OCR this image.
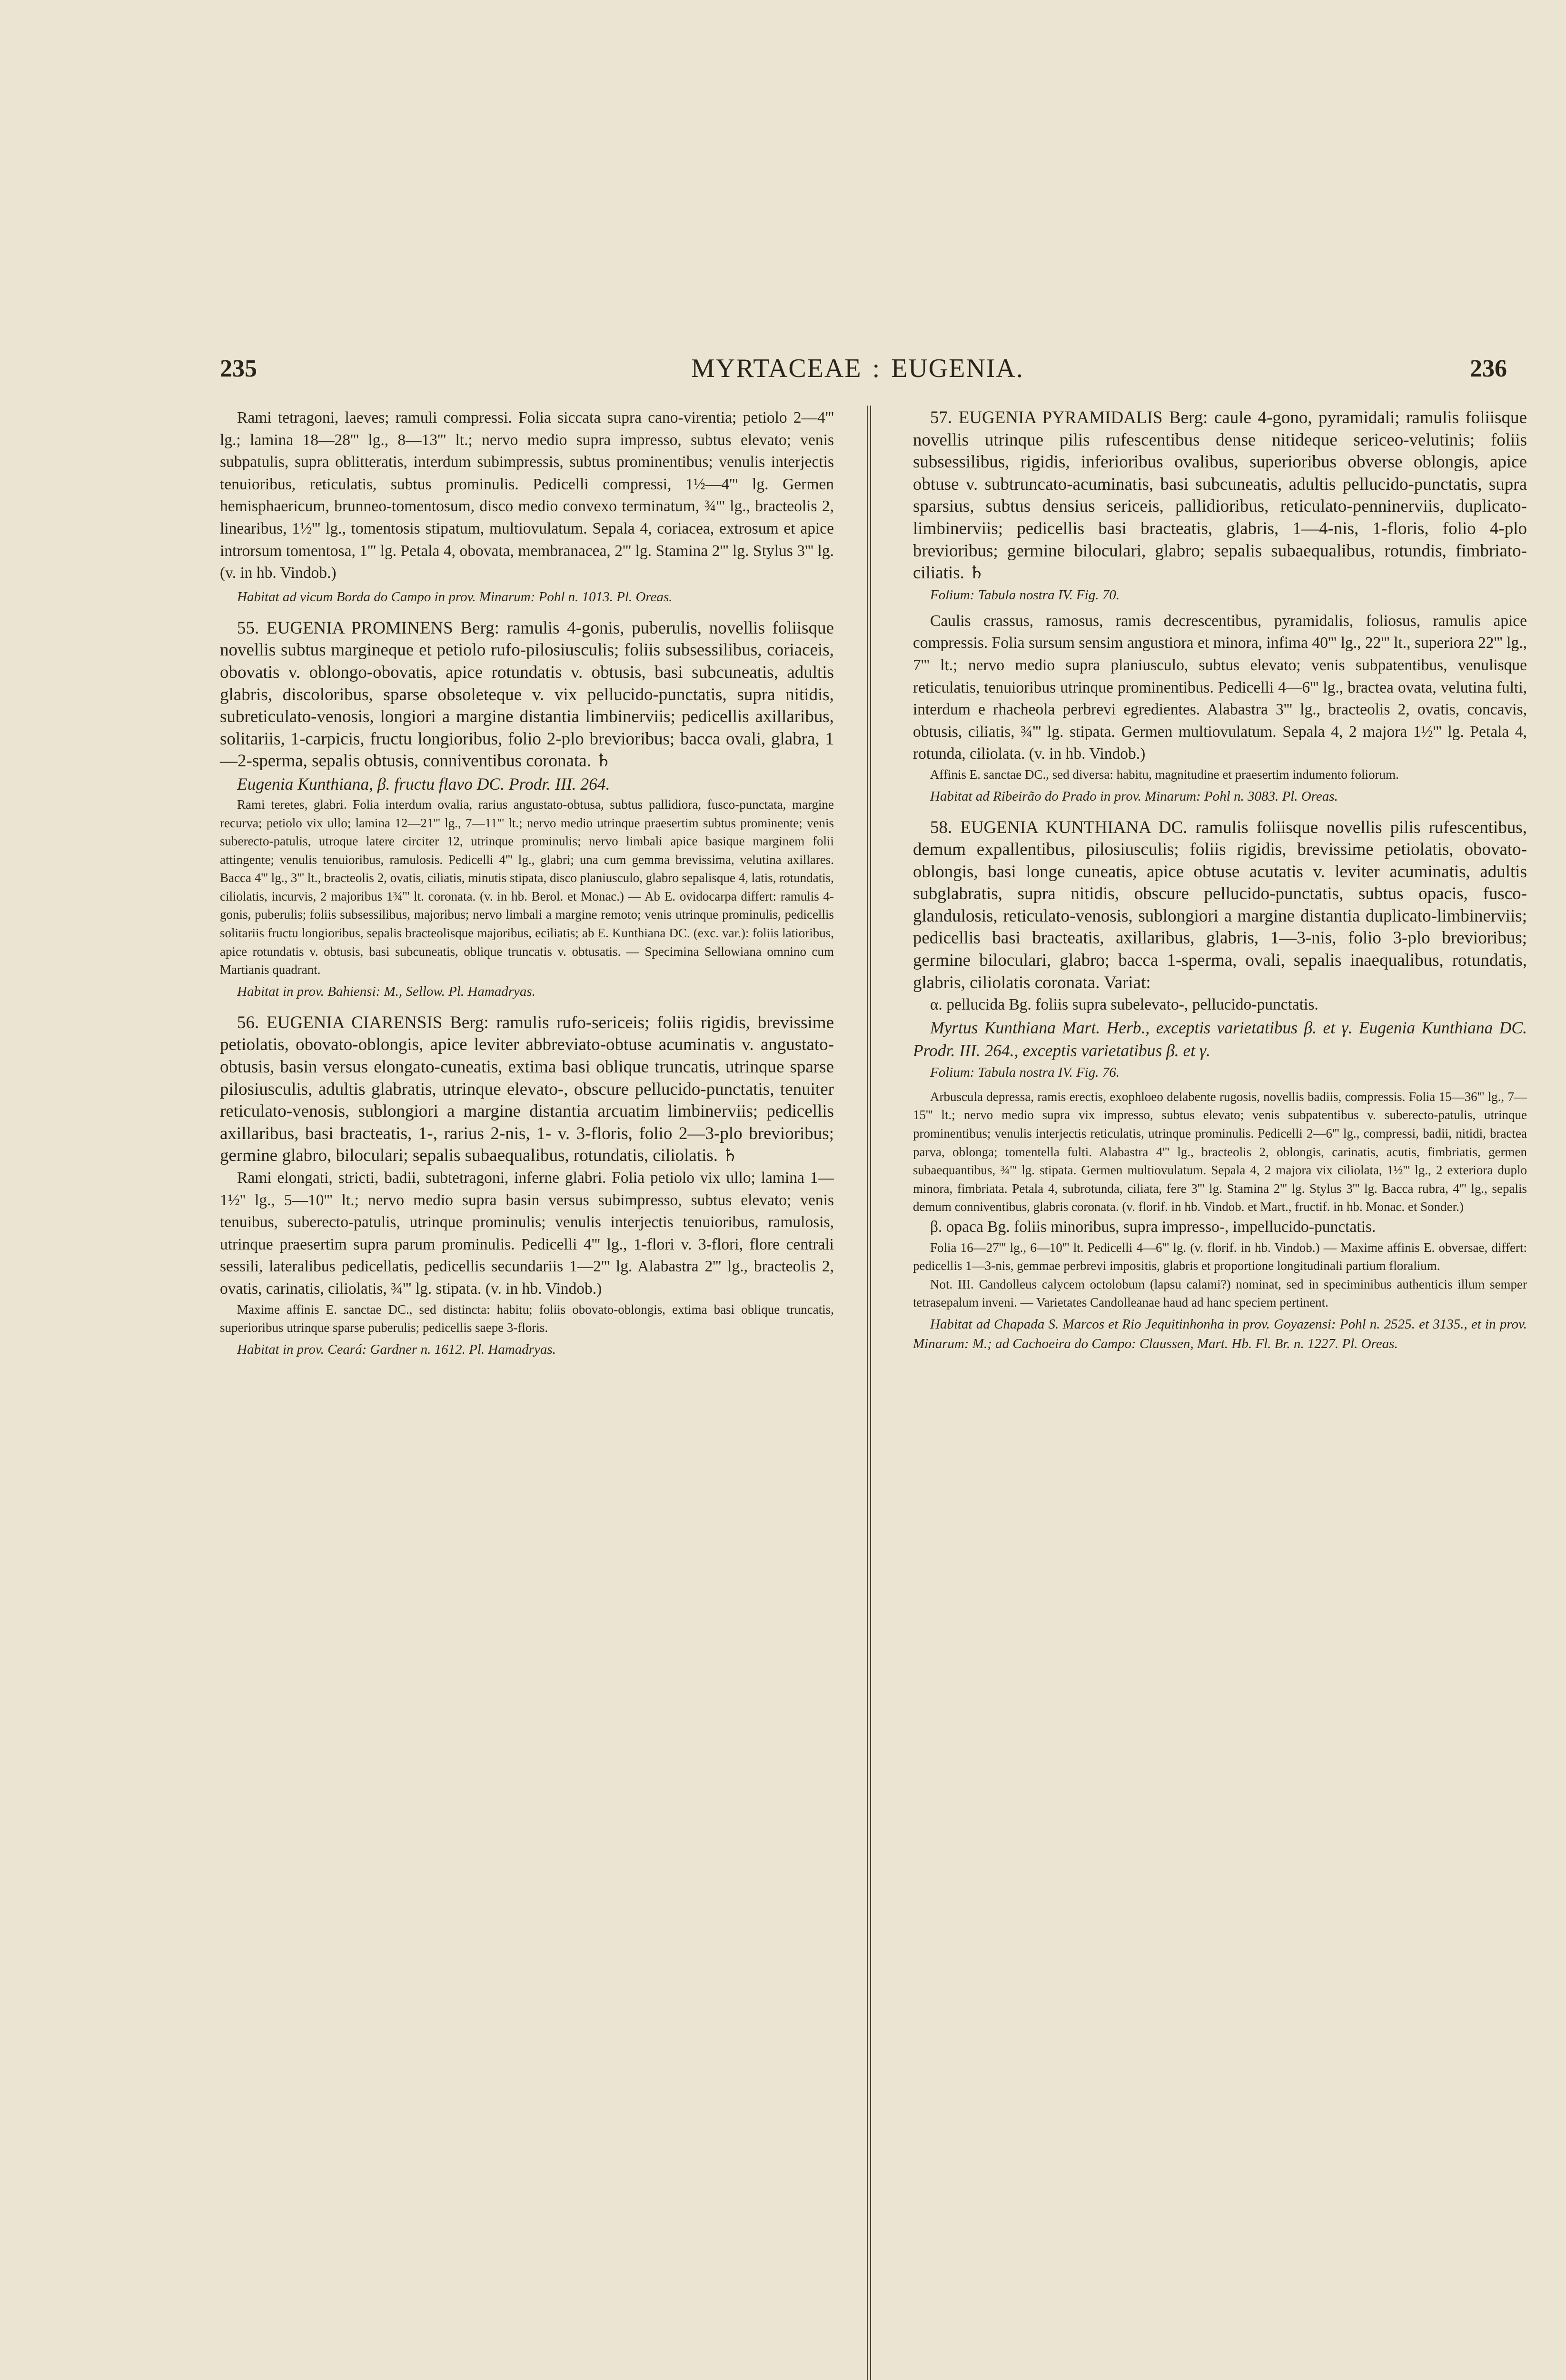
235	MYRTACEAE : EUGENIA.	236

Rami tetragoni, laeves; ramuli compressi. Folia siccata supra cano-virentia; petiolo 2—4''' lg.; lamina 18—28''' lg., 8—13''' lt.; nervo medio supra impresso, subtus elevato; venis subpatulis, supra oblitteratis, interdum subimpressis, subtus prominentibus; venulis interjectis tenuioribus, reticulatis, subtus prominulis. Pedicelli compressi, 1½—4''' lg. Germen hemisphaericum, brunneo-tomentosum, disco medio convexo terminatum, ¾''' lg., bracteolis 2, linearibus, 1½''' lg., tomentosis stipatum, multiovulatum. Sepala 4, coriacea, extrosum et apice introrsum tomentosa, 1''' lg. Petala 4, obovata, membranacea, 2''' lg. Stamina 2''' lg. Stylus 3''' lg. (v. in hb. Vindob.)

Habitat ad vicum Borda do Campo in prov. Minarum: Pohl n. 1013. Pl. Oreas.

55. EUGENIA PROMINENS Berg: ramulis 4-gonis, puberulis, novellis foliisque novellis subtus margineque et petiolo rufo-pilosiusculis; foliis subsessilibus, coriaceis, obovatis v. oblongo-obovatis, apice rotundatis v. obtusis, basi subcuneatis, adultis glabris, discoloribus, sparse obsoleteque v. vix pellucido-punctatis, supra nitidis, subreticulato-venosis, longiori a margine distantia limbinerviis; pedicellis axillaribus, solitariis, 1-carpicis, fructu longioribus, folio 2-plo brevioribus; bacca ovali, glabra, 1—2-sperma, sepalis obtusis, conniventibus coronata. ♄

Eugenia Kunthiana, β. fructu flavo DC. Prodr. III. 264.

Rami teretes, glabri. Folia interdum ovalia, rarius angustato-obtusa, subtus pallidiora, fusco-punctata, margine recurva; petiolo vix ullo; lamina 12—21''' lg., 7—11''' lt.; nervo medio utrinque praesertim subtus prominente; venis suberecto-patulis, utroque latere circiter 12, utrinque prominulis; nervo limbali apice basique marginem folii attingente; venulis tenuioribus, ramulosis. Pedicelli 4''' lg., glabri; una cum gemma brevissima, velutina axillares. Bacca 4''' lg., 3''' lt., bracteolis 2, ovatis, ciliatis, minutis stipata, disco planiusculo, glabro sepalisque 4, latis, rotundatis, ciliolatis, incurvis, 2 majoribus 1¾''' lt. coronata. (v. in hb. Berol. et Monac.) — Ab E. ovidocarpa differt: ramulis 4-gonis, puberulis; foliis subsessilibus, majoribus; nervo limbali a margine remoto; venis utrinque prominulis, pedicellis solitariis fructu longioribus, sepalis bracteolisque majoribus, eciliatis; ab E. Kunthiana DC. (exc. var.): foliis latioribus, apice rotundatis v. obtusis, basi subcuneatis, oblique truncatis v. obtusatis. — Specimina Sellowiana omnino cum Martianis quadrant.

Habitat in prov. Bahiensi: M., Sellow. Pl. Hamadryas.

56. EUGENIA CIARENSIS Berg: ramulis rufo-sericeis; foliis rigidis, brevissime petiolatis, obovato-oblongis, apice leviter abbreviato-obtuse acuminatis v. angustato-obtusis, basin versus elongato-cuneatis, extima basi oblique truncatis, utrinque sparse pilosiusculis, adultis glabratis, utrinque elevato-, obscure pellucido-punctatis, tenuiter reticulato-venosis, sublongiori a margine distantia arcuatim limbinerviis; pedicellis axillaribus, basi bracteatis, 1-, rarius 2-nis, 1- v. 3-floris, folio 2—3-plo brevioribus; germine glabro, biloculari; sepalis subaequalibus, rotundatis, ciliolatis. ♄

Rami elongati, stricti, badii, subtetragoni, inferne glabri. Folia petiolo vix ullo; lamina 1—1½'' lg., 5—10''' lt.; nervo medio supra basin versus subimpresso, subtus elevato; venis tenuibus, suberecto-patulis, utrinque prominulis; venulis interjectis tenuioribus, ramulosis, utrinque praesertim supra parum prominulis. Pedicelli 4''' lg., 1-flori v. 3-flori, flore centrali sessili, lateralibus pedicellatis, pedicellis secundariis 1—2''' lg. Alabastra 2''' lg., bracteolis 2, ovatis, carinatis, ciliolatis, ¾''' lg. stipata. (v. in hb. Vindob.)

Maxime affinis E. sanctae DC., sed distincta: habitu; foliis obovato-oblongis, extima basi oblique truncatis, superioribus utrinque sparse puberulis; pedicellis saepe 3-floris.

Habitat in prov. Ceará: Gardner n. 1612. Pl. Hamadryas.

57. EUGENIA PYRAMIDALIS Berg: caule 4-gono, pyramidali; ramulis foliisque novellis utrinque pilis rufescentibus dense nitideque sericeo-velutinis; foliis subsessilibus, rigidis, inferioribus ovalibus, superioribus obverse oblongis, apice obtuse v. subtruncato-acuminatis, basi subcuneatis, adultis pellucido-punctatis, supra sparsius, subtus densius sericeis, pallidioribus, reticulato-penninerviis, duplicato-limbinerviis; pedicellis basi bracteatis, glabris, 1—4-nis, 1-floris, folio 4-plo brevioribus; germine biloculari, glabro; sepalis subaequalibus, rotundis, fimbriato-ciliatis. ♄

Folium: Tabula nostra IV. Fig. 70.

Caulis crassus, ramosus, ramis decrescentibus, pyramidalis, foliosus, ramulis apice compressis. Folia sursum sensim angustiora et minora, infima 40''' lg., 22''' lt., superiora 22''' lg., 7''' lt.; nervo medio supra planiusculo, subtus elevato; venis subpatentibus, venulisque reticulatis, tenuioribus utrinque prominentibus. Pedicelli 4—6''' lg., bractea ovata, velutina fulti, interdum e rhacheola perbrevi egredientes. Alabastra 3''' lg., bracteolis 2, ovatis, concavis, obtusis, ciliatis, ¾''' lg. stipata. Germen multiovulatum. Sepala 4, 2 majora 1½''' lg. Petala 4, rotunda, ciliolata. (v. in hb. Vindob.)

Affinis E. sanctae DC., sed diversa: habitu, magnitudine et praesertim indumento foliorum.

Habitat ad Ribeirão do Prado in prov. Minarum: Pohl n. 3083. Pl. Oreas.

58. EUGENIA KUNTHIANA DC. ramulis foliisque novellis pilis rufescentibus, demum expallentibus, pilosiusculis; foliis rigidis, brevissime petiolatis, obovato-oblongis, basi longe cuneatis, apice obtuse acutatis v. leviter acuminatis, adultis subglabratis, supra nitidis, obscure pellucido-punctatis, subtus opacis, fusco-glandulosis, reticulato-venosis, sublongiori a margine distantia duplicato-limbinerviis; pedicellis basi bracteatis, axillaribus, glabris, 1—3-nis, folio 3-plo brevioribus; germine biloculari, glabro; bacca 1-sperma, ovali, sepalis inaequalibus, rotundatis, glabris, ciliolatis coronata. Variat:

α. pellucida Bg. foliis supra subelevato-, pellucido-punctatis.

Myrtus Kunthiana Mart. Herb., exceptis varietatibus β. et γ. Eugenia Kunthiana DC. Prodr. III. 264., exceptis varietatibus β. et γ.

Folium: Tabula nostra IV. Fig. 76.

Arbuscula depressa, ramis erectis, exophloeo delabente rugosis, novellis badiis, compressis. Folia 15—36''' lg., 7—15''' lt.; nervo medio supra vix impresso, subtus elevato; venis subpatentibus v. suberecto-patulis, utrinque prominentibus; venulis interjectis reticulatis, utrinque prominulis. Pedicelli 2—6''' lg., compressi, badii, nitidi, bractea parva, oblonga; tomentella fulti. Alabastra 4''' lg., bracteolis 2, oblongis, carinatis, acutis, fimbriatis, germen subaequantibus, ¾''' lg. stipata. Germen multiovulatum. Sepala 4, 2 majora vix ciliolata, 1½''' lg., 2 exteriora duplo minora, fimbriata. Petala 4, subrotunda, ciliata, fere 3''' lg. Stamina 2''' lg. Stylus 3''' lg. Bacca rubra, 4''' lg., sepalis demum conniventibus, glabris coronata. (v. florif. in hb. Vindob. et Mart., fructif. in hb. Monac. et Sonder.)

β. opaca Bg. foliis minoribus, supra impresso-, impellucido-punctatis.

Folia 16—27''' lg., 6—10''' lt. Pedicelli 4—6''' lg. (v. florif. in hb. Vindob.) — Maxime affinis E. obversae, differt: pedicellis 1—3-nis, gemmae perbrevi impositis, glabris et proportione longitudinali partium floralium.

Not. III. Candolleus calycem octolobum (lapsu calami?) nominat, sed in speciminibus authenticis illum semper tetrasepalum inveni. — Varietates Candolleanae haud ad hanc speciem pertinent.

Habitat ad Chapada S. Marcos et Rio Jequitinhonha in prov. Goyazensi: Pohl n. 2525. et 3135., et in prov. Minarum: M.; ad Cachoeira do Campo: Claussen, Mart. Hb. Fl. Br. n. 1227. Pl. Oreas.
